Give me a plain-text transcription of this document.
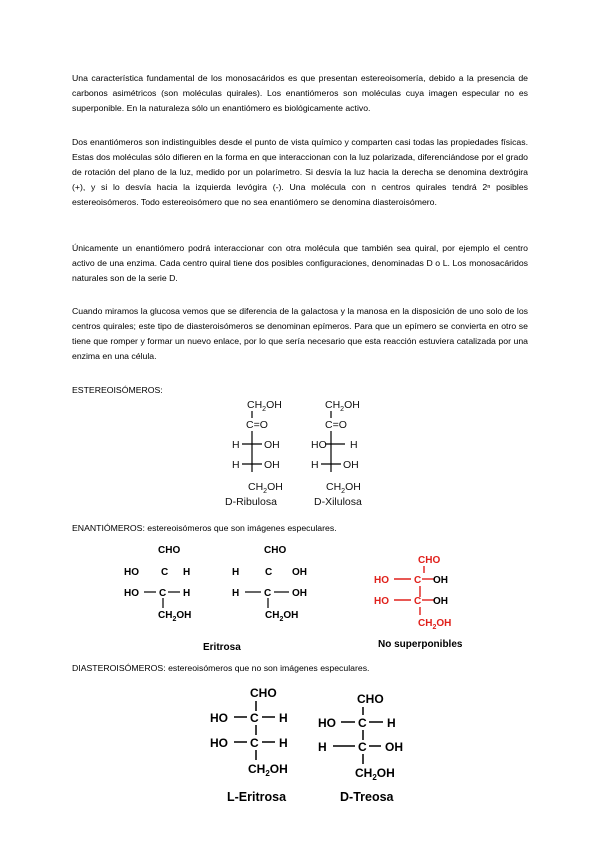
Una característica fundamental de los monosacáridos es que presentan estereoisomería, debido a la presencia de carbonos asimétricos (son moléculas quirales). Los enantiómeros son moléculas cuya imagen especular no es superponible. En la naturaleza sólo un enantiómero es biológicamente activo.
Dos enantiómeros son indistinguibles desde el punto de vista químico y comparten casi todas las propiedades físicas. Estas dos moléculas sólo difieren en la forma en que interaccionan con la luz polarizada, diferenciándose por el grado de rotación del plano de la luz, medido por un polarímetro. Si desvía la luz hacia la derecha se denomina dextrógira (+), y si lo desvía hacia la izquierda levógira (-). Una molécula con n centros quirales tendrá 2ⁿ posibles estereoisómeros. Todo estereoisómero que no sea enantiómero se denomina diasteroisómero.
Únicamente un enantiómero podrá interaccionar con otra molécula que también sea quiral, por ejemplo el centro activo de una enzima. Cada centro quiral tiene dos posibles configuraciones, denominadas D o L. Los monosacáridos naturales son de la serie D.
Cuando miramos la glucosa vemos que se diferencia de la galactosa y la manosa en la disposición de uno solo de los centros quirales; este tipo de diasteroisómeros se denominan epímeros. Para que un epímero se convierta en otro se tiene que romper y formar un nuevo enlace, por lo que sería necesario que esta reacción estuviera catalizada por una enzima en una célula.
ESTEREOISÓMEROS:
ENANTIÓMEROS: estereoisómeros que son imágenes especulares.
DIASTEROISÓMEROS: estereoisómeros que no son imágenes especulares.
$CH_2OH$
C=O
H OH
H OH
$CH_2OH$
D-Ribulosa
$CH_2OH$
C=O
HO H
H OH
$CH_2OH$
D-Xilulosa
CHO
HO C H
HO C H
$CH_2OH$
CHO
H	C OH
H C OH
$CH_2OH$
Eritrosa
CHO
HO	C OH
HO	C OH
$CH_2OH$
No superponibles
CHO
HO C H
HO C H
$CH_2OH$
L-Eritrosa
CHO
HO C H
H	C OH
$CH_2OH$
D-Treosa
